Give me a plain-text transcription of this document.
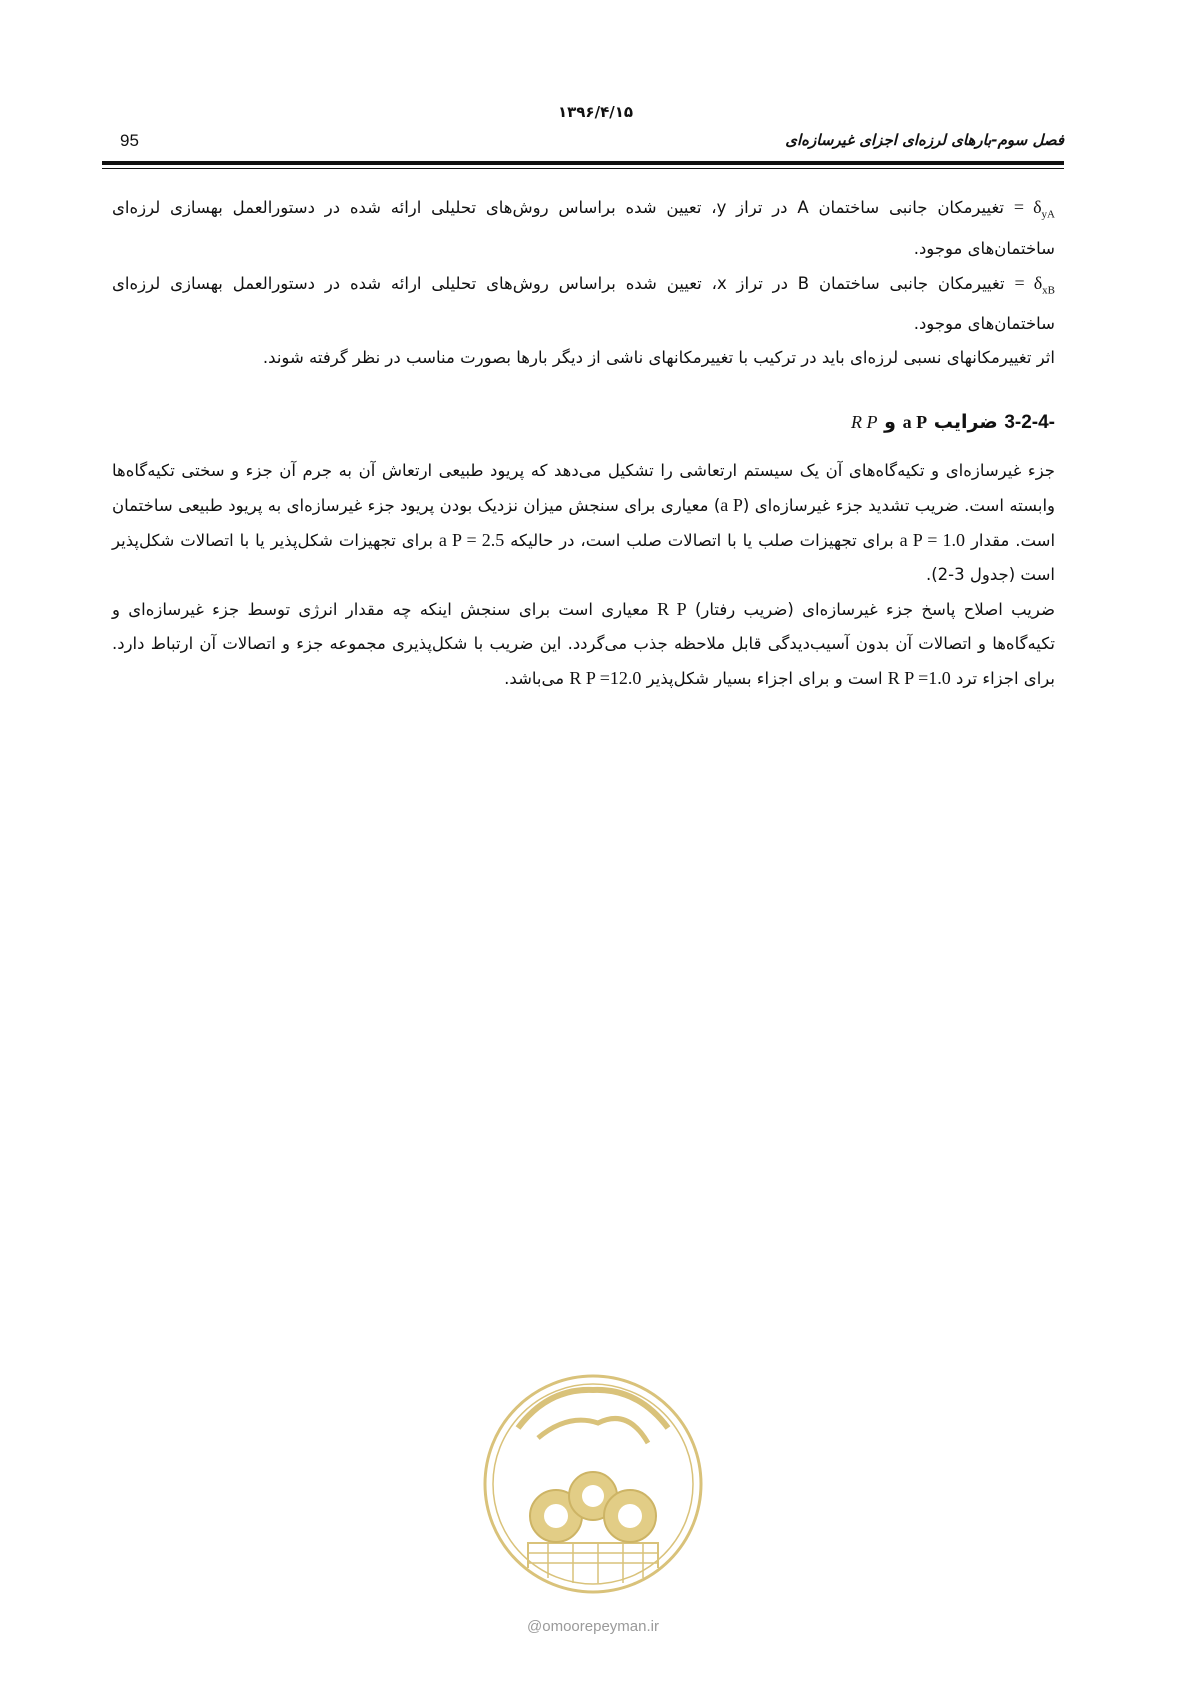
۱۳۹۶/۴/۱۵
95	فصل سوم-بارهای لرزه‌ای اجزای غیرسازه‌ای

= $\delta_{yA}$ تغییرمکان جانبی ساختمان A در تراز y، تعیین شده براساس روش‌های تحلیلی ارائه شده در دستورالعمل بهسازی لرزه‌ای ساختمان‌های موجود.

= $\delta_{xB}$ تغییرمکان جانبی ساختمان B در تراز x، تعیین شده براساس روش‌های تحلیلی ارائه شده در دستورالعمل بهسازی لرزه‌ای ساختمان‌های موجود.

اثر تغییرمکانهای نسبی لرزه‌ای باید در ترکیب با تغییرمکانهای ناشی از دیگر بارها بصورت مناسب در نظر گرفته شوند.

3-2-4- ضرایب a P و R P

جزء غیرسازه‌ای و تکیه‌گاه‌های آن یک سیستم ارتعاشی را تشکیل می‌دهد که پریود طبیعی ارتعاش آن به جرم آن جزء و سختی تکیه‌گاه‌ها وابسته است. ضریب تشدید جزء غیرسازه‌ای (a P) معیاری برای سنجش میزان نزدیک بودن پریود جزء غیرسازه‌ای به پریود طبیعی ساختمان است. مقدار a P = 1.0 برای تجهیزات صلب یا با اتصالات صلب است، در حالیکه a P = 2.5 برای تجهیزات شکل‌پذیر یا با اتصالات شکل‌پذیر است (جدول 3-2).

ضریب اصلاح پاسخ جزء غیرسازه‌ای (ضریب رفتار) R P معیاری است برای سنجش اینکه چه مقدار انرژی توسط جزء غیرسازه‌ای و تکیه‌گاه‌ها و اتصالات آن بدون آسیب‌دیدگی قابل ملاحظه جذب می‌گردد. این ضریب با شکل‌پذیری مجموعه جزء و اتصالات آن ارتباط دارد. برای اجزاء ترد R P =1.0 است و برای اجزاء بسیار شکل‌پذیر R P =12.0 می‌باشد.

@omoorepeyman.ir
